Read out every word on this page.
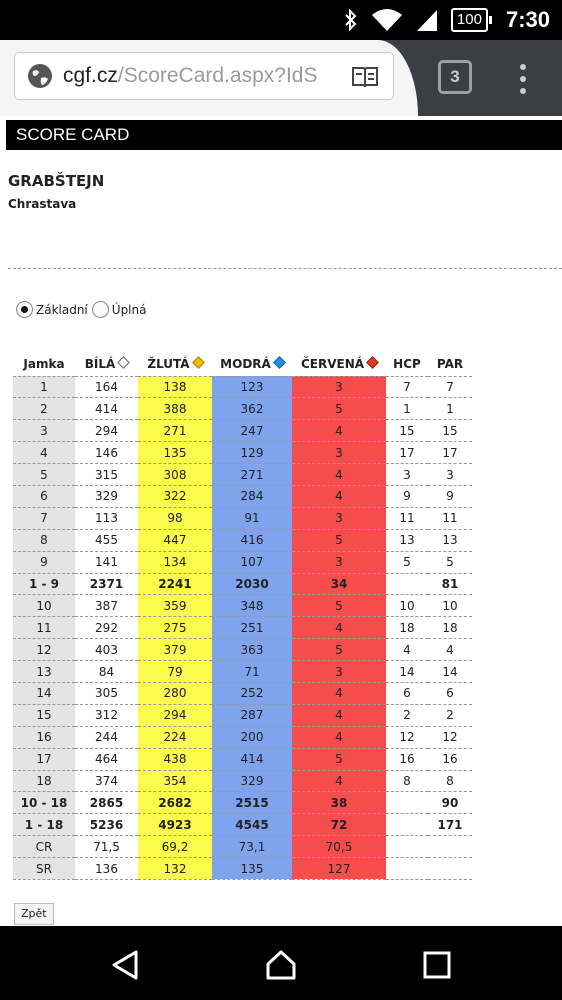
100 7:30
cgf.cz/ScoreCard.aspx?IdS	3
SCORE CARD
GRABŠTEJN
Chrastava
Základní Úplná
Jamka	BÍLÁ	ŽLUTÁ	MODRÁ	ČERVENÁ	HCP	PAR
1	164	138	123	3	7	7
2	414	388	362	5	1	1
3	294	271	247	4	15	15
4	146	135	129	3	17	17
5	315	308	271	4	3	3
6	329	322	284	4	9	9
7	113	98	91	3	11	11
8	455	447	416	5	13	13
9	141	134	107	3	5	5
1 - 9	2371	2241	2030	34		81
10	387	359	348	5	10	10
11	292	275	251	4	18	18
12	403	379	363	5	4	4
13	84	79	71	3	14	14
14	305	280	252	4	6	6
15	312	294	287	4	2	2
16	244	224	200	4	12	12
17	464	438	414	5	16	16
18	374	354	329	4	8	8
10 - 18	2865	2682	2515	38		90
1 - 18	5236	4923	4545	72		171
CR	71,5	69,2	73,1	70,5		
SR	136	132	135	127		
Zpět
